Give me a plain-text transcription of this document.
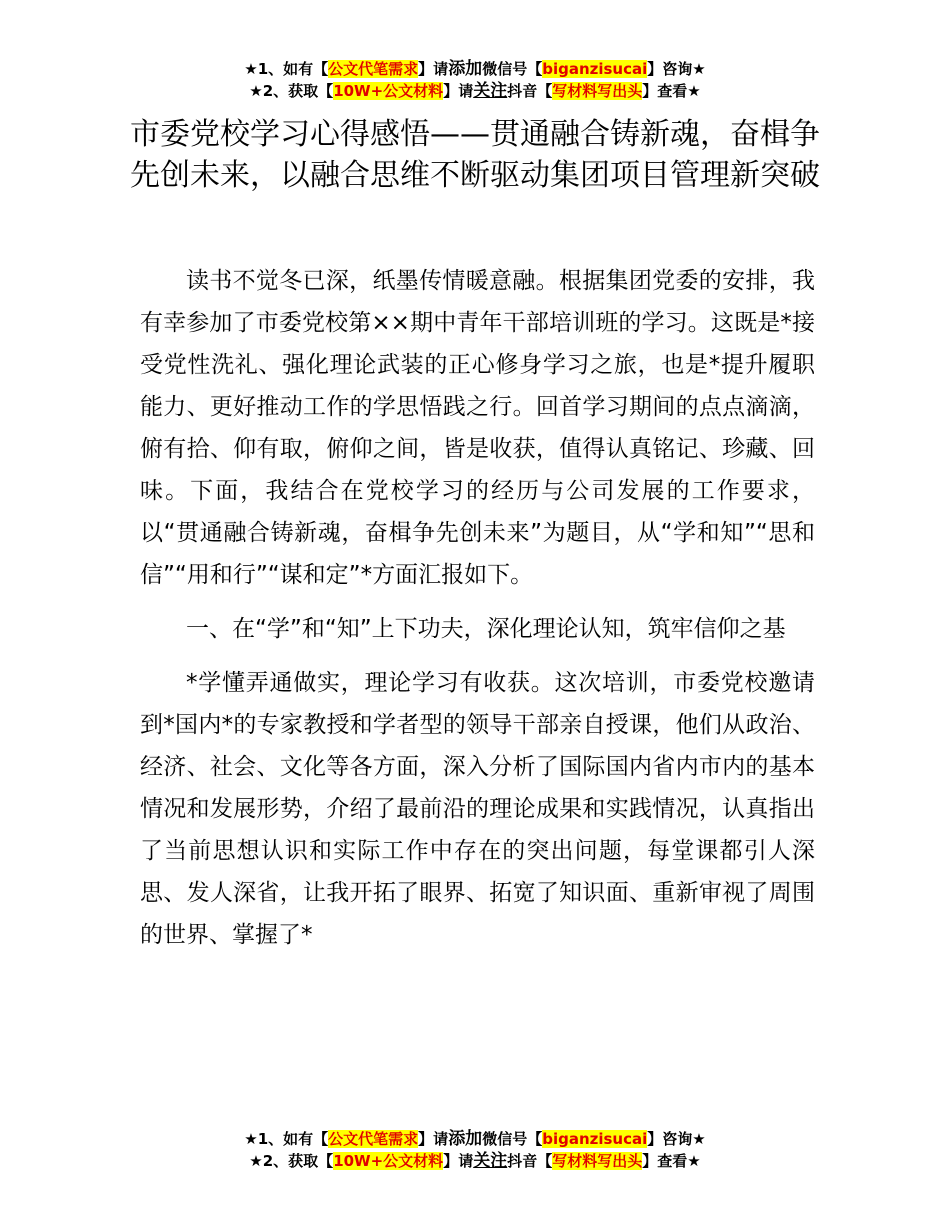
★1、如有【公文代笔需求】请添加微信号【biganzisucai】咨询★
★2、获取【10W+公文材料】请关注抖音【写材料写出头】查看★
市委党校学习心得感悟——贯通融合铸新魂，奋楫争先创未来，以融合思维不断驱动集团项目管理新突破

读书不觉冬已深，纸墨传情暖意融。根据集团党委的安排，我有幸参加了市委党校第××期中青年干部培训班的学习。这既是*接受党性洗礼、强化理论武装的正心修身学习之旅，也是*提升履职能力、更好推动工作的学思悟践之行。回首学习期间的点点滴滴，俯有拾、仰有取，俯仰之间，皆是收获，值得认真铭记、珍藏、回味。下面，我结合在党校学习的经历与公司发展的工作要求，以“贯通融合铸新魂，奋楫争先创未来”为题目，从“学和知”“思和信”“用和行”“谋和定”*方面汇报如下。

一、在“学”和“知”上下功夫，深化理论认知，筑牢信仰之基

*学懂弄通做实，理论学习有收获。这次培训，市委党校邀请到*国内*的专家教授和学者型的领导干部亲自授课，他们从政治、经济、社会、文化等各方面，深入分析了国际国内省内市内的基本情况和发展形势，介绍了最前沿的理论成果和实践情况，认真指出了当前思想认识和实际工作中存在的突出问题，每堂课都引人深思、发人深省，让我开拓了眼界、拓宽了知识面、重新审视了周围的世界、掌握了*

★1、如有【公文代笔需求】请添加微信号【biganzisucai】咨询★
★2、获取【10W+公文材料】请关注抖音【写材料写出头】查看★
